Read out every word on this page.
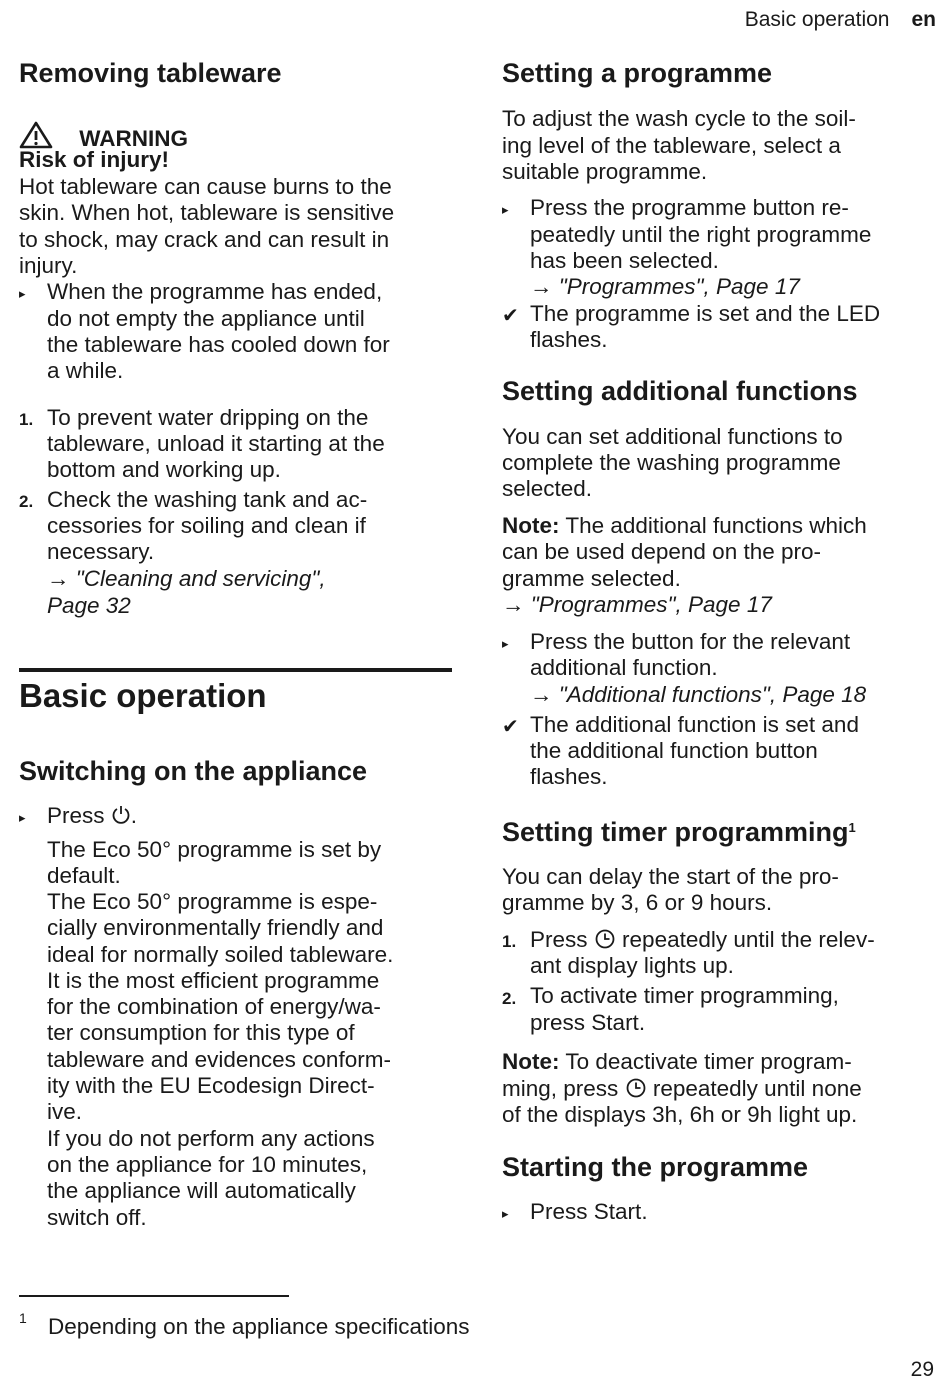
Basic operation en
Removing tableware
WARNING
Risk of injury!
Hot tableware can cause burns to the
skin. When hot, tableware is sensitive
to shock, may crack and can result in
injury.
▸ When the programme has ended,
do not empty the appliance until
the tableware has cooled down for
a while.
1. To prevent water dripping on the
tableware, unload it starting at the
bottom and working up.
2. Check the washing tank and ac-
cessories for soiling and clean if
necessary.
→ "Cleaning and servicing",
Page 32
Basic operation
Switching on the appliance
▸ Press .
The Eco 50° programme is set by
default.
The Eco 50° programme is espe-
cially environmentally friendly and
ideal for normally soiled tableware.
It is the most efficient programme
for the combination of energy/wa-
ter consumption for this type of
tableware and evidences conform-
ity with the EU Ecodesign Direct-
ive.
If you do not perform any actions
on the appliance for 10 minutes,
the appliance will automatically
switch off.
Setting a programme
To adjust the wash cycle to the soil-
ing level of the tableware, select a
suitable programme.
▸ Press the programme button re-
peatedly until the right programme
has been selected.
→ "Programmes", Page 17
✔ The programme is set and the LED
flashes.
Setting additional functions
You can set additional functions to
complete the washing programme
selected.
Note: The additional functions which
can be used depend on the pro-
gramme selected.
→ "Programmes", Page 17
▸ Press the button for the relevant
additional function.
→ "Additional functions", Page 18
✔ The additional function is set and
the additional function button
flashes.
Setting timer programming$^1$
You can delay the start of the pro-
gramme by 3, 6 or 9 hours.
1. Press repeatedly until the relev-
ant display lights up.
2. To activate timer programming,
press Start.
Note: To deactivate timer program-
ming, press repeatedly until none
of the displays 3h, 6h or 9h light up.
Starting the programme
▸ Press Start.
1 Depending on the appliance specifications
29
